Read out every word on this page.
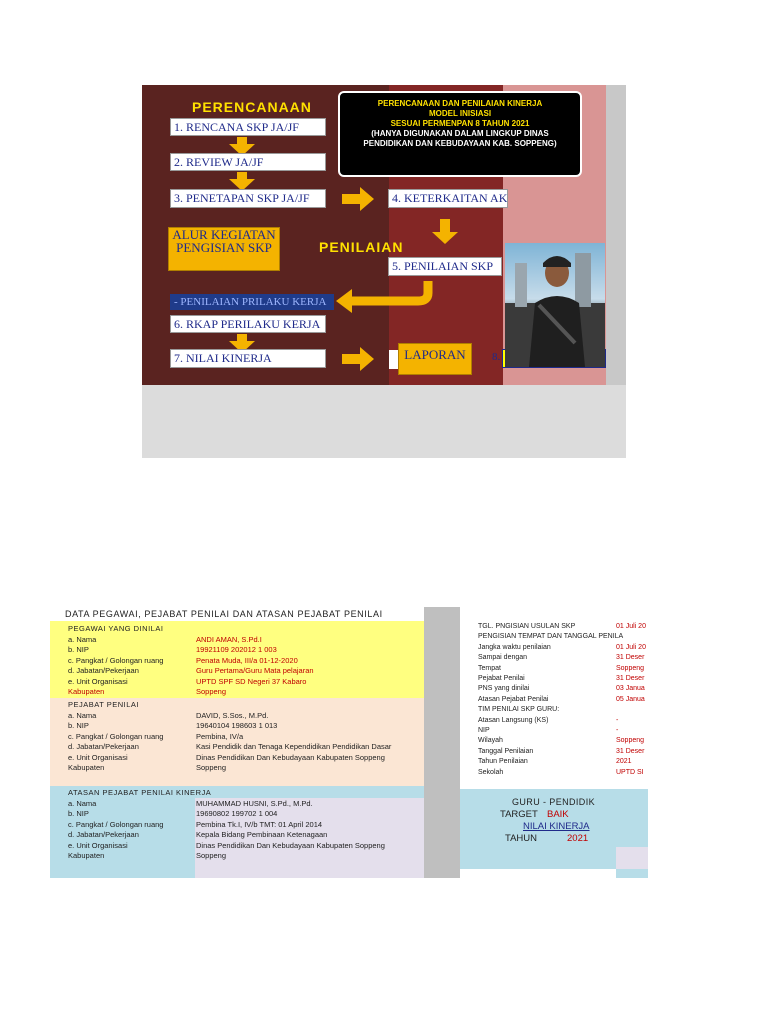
PERENCANAAN
1. RENCANA SKP JA/JF
2. REVIEW JA/JF
3. PENETAPAN SKP JA/JF	4. KETERKAITAN AK
PERENCANAAN DAN PENILAIAN KINERJA
MODEL INISIASI
SESUAI PERMENPAN 8 TAHUN 2021
(HANYA DIGUNAKAN DALAM LINGKUP DINAS
PENDIDIKAN DAN KEBUDAYAAN KAB. SOPPENG)
ALUR KEGIATAN PENGISIAN SKP	PENILAIAN
5. PENILAIAN SKP
- PENILAIAN PRILAKU KERJA
6. RKAP PERILAKU KERJA
7. NILAI KINERJA	LAPORAN	8.
DATA PEGAWAI, PEJABAT PENILAI DAN ATASAN PEJABAT PENILAI
PEGAWAI YANG DINILAI
PEJABAT PENILAI
ATASAN PEJABAT PENILAI KINERJA
a. Nama	ANDI AMAN, S.Pd.I
b. NIP	19921109 202012 1 003
c. Pangkat / Golongan ruang	Penata Muda, III/a 01-12-2020
d. Jabatan/Pekerjaan	Guru Pertama/Guru Mata pelajaran
e. Unit Organisasi	UPTD SPF SD Negeri 37 Kabaro
Kabupaten	Soppeng
a. Nama	DAVID, S.Sos., M.Pd.
b. NIP	19640104 198603 1 013
c. Pangkat / Golongan ruang	Pembina, IV/a
d. Jabatan/Pekerjaan	Kasi Pendidik dan Tenaga Kependidikan Pendidikan Dasar
e. Unit Organisasi	Dinas Pendidikan Dan Kebudayaan Kabupaten Soppeng
Kabupaten	Soppeng
a. Nama	MUHAMMAD HUSNI, S.Pd., M.Pd.
b. NIP	19690802 199702 1 004
c. Pangkat / Golongan ruang	Pembina Tk.I, IV/b TMT: 01 April 2014
d. Jabatan/Pekerjaan	Kepala Bidang Pembinaan Ketenagaan
e. Unit Organisasi	Dinas Pendidikan Dan Kebudayaan Kabupaten Soppeng
Kabupaten	Soppeng
TGL. PNGISIAN USULAN SKP	01 Juli 20
PENGISIAN TEMPAT DAN TANGGAL PENILA
Jangka waktu penilaian	01 Juli 20
Sampai dengan	31 Deser
Tempat	Soppeng
Pejabat Penilai	31 Deser
PNS yang dinilai	03 Janua
Atasan Pejabat Penilai	05 Janua
TIM PENILAI SKP GURU:
Atasan Langsung (KS)	-
NIP	-
Wilayah	Soppeng
Tanggal Penilaian	31 Deser
Tahun Penilaian	2021
Sekolah	UPTD SI
GURU - PENDIDIK
TARGET BAIK
NILAI KINERJA
TAHUN	2021
